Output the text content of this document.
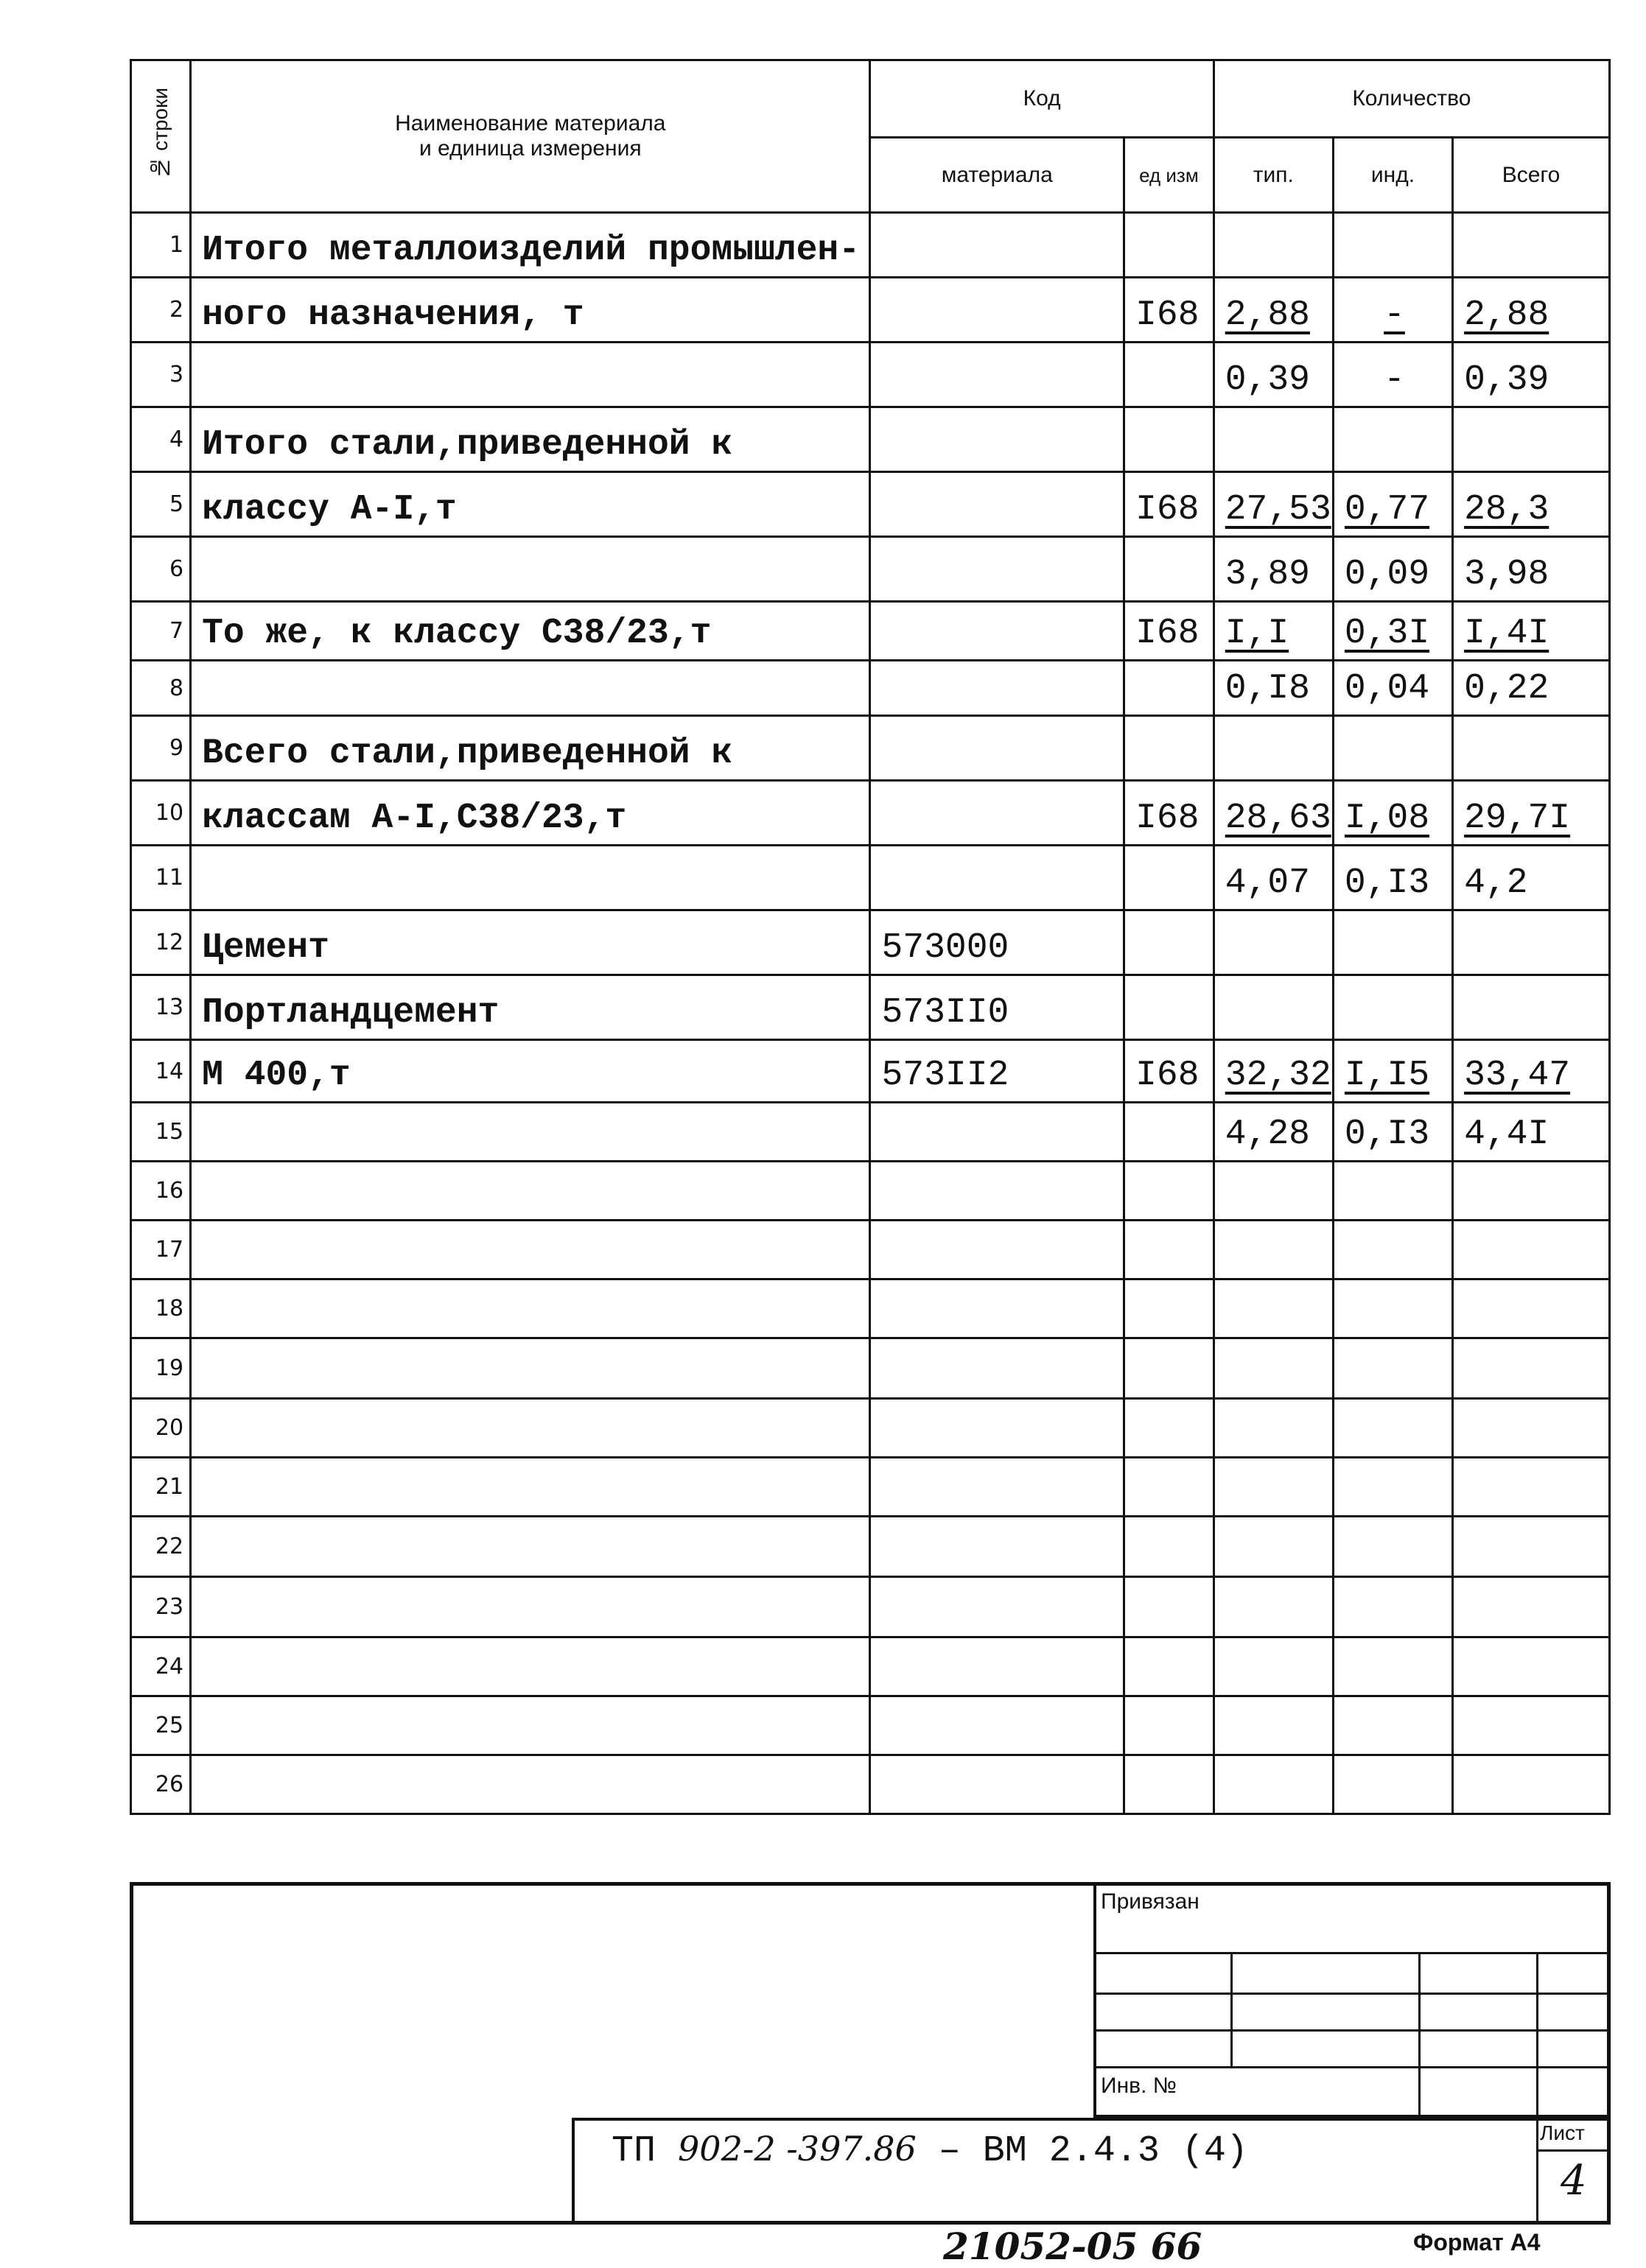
№ строки	Наименование материала
и единица измерения	Код		Количество		
		материала	ед изм	тип.	инд.	Всего
1	Итого металлоизделий промышлен-					
2	ного назначения, т		I68	2,88	-	2,88
3				0,39	-	0,39
4	Итого стали,приведенной к					
5	классу А-I,т		I68	27,53	0,77	28,3
6				3,89	0,09	3,98
7	То же, к классу С38/23,т		I68	I,I	0,3I	I,4I
8				0,I8	0,04	0,22
9	Всего стали,приведенной к					
10	классам А-I,С38/23,т		I68	28,63	I,08	29,7I
11				4,07	0,I3	4,2
12	Цемент	573000				
13	Портландцемент	573II0				
14	М 400,т	573II2	I68	32,32	I,I5	33,47
15				4,28	0,I3	4,4I
16						
17						
18						
19						
20						
21						
22						
23						
24						
25						
26						
Привязан
Инв. №
ТП 902-2 -397.86 – ВМ 2.4.3 (4)	Лист
4
21052-05 66	Формат А4
